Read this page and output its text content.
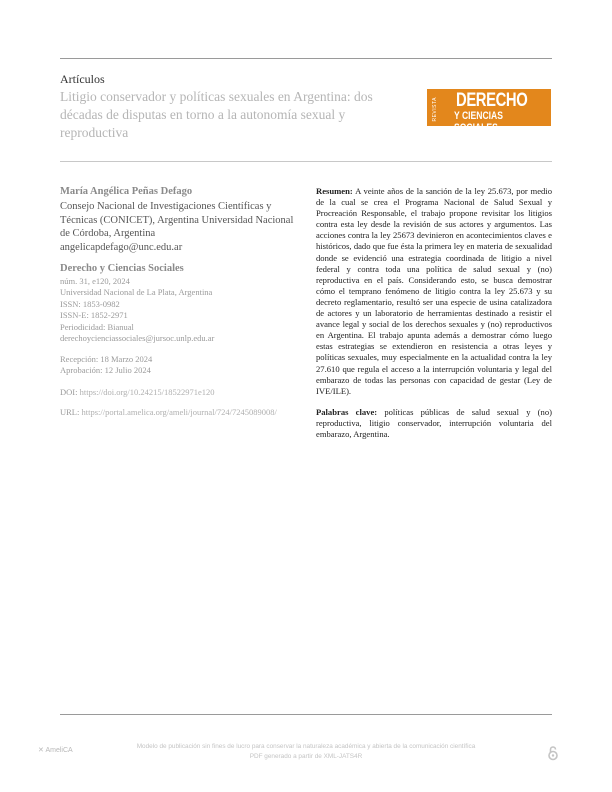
Artículos
Litigio conservador y políticas sexuales en Argentina: dos décadas de disputas en torno a la autonomía sexual y reproductiva
REVISTA DERECHO
Y CIENCIAS SOCIALES
María Angélica Peñas Defago
Consejo Nacional de Investigaciones Científicas y Técnicas (CONICET), Argentina Universidad Nacional de Córdoba, Argentina
angelicapdefago@unc.edu.ar
Derecho y Ciencias Sociales
núm. 31, e120, 2024
Universidad Nacional de La Plata, Argentina
ISSN: 1853-0982
ISSN-E: 1852-2971
Periodicidad: Bianual
derechoycienciassociales@jursoc.unlp.edu.ar
Recepción: 18 Marzo 2024
Aprobación: 12 Julio 2024
DOI: https://doi.org/10.24215/18522971e120
URL: https://portal.amelica.org/ameli/journal/724/7245089008/

Resumen: A veinte años de la sanción de la ley 25.673, por medio de la cual se crea el Programa Nacional de Salud Sexual y Procreación Responsable, el trabajo propone revisitar los litigios contra esta ley desde la revisión de sus actores y argumentos. Las acciones contra la ley 25673 devinieron en acontecimientos claves e históricos, dado que fue ésta la primera ley en materia de sexualidad donde se evidenció una estrategia coordinada de litigio a nivel federal y contra toda una política de salud sexual y (no) reproductiva en el país. Considerando esto, se busca demostrar cómo el temprano fenómeno de litigio contra la ley 25.673 y su decreto reglamentario, resultó ser una especie de usina catalizadora de actores y un laboratorio de herramientas destinado a resistir el avance legal y social de los derechos sexuales y (no) reproductivos en Argentina. El trabajo apunta además a demostrar cómo luego estas estrategias se extendieron en resistencia a otras leyes y políticas sexuales, muy especialmente en la actualidad contra la ley 27.610 que regula el acceso a la interrupción voluntaria y legal del embarazo de todas las personas con capacidad de gestar (Ley de IVE/ILE).

Palabras clave: políticas públicas de salud sexual y (no) reproductiva, litigio conservador, interrupción voluntaria del embarazo, Argentina.

✕ AmeliCA
Modelo de publicación sin fines de lucro para conservar la naturaleza académica y abierta de la comunicación científica
PDF generado a partir de XML-JATS4R
